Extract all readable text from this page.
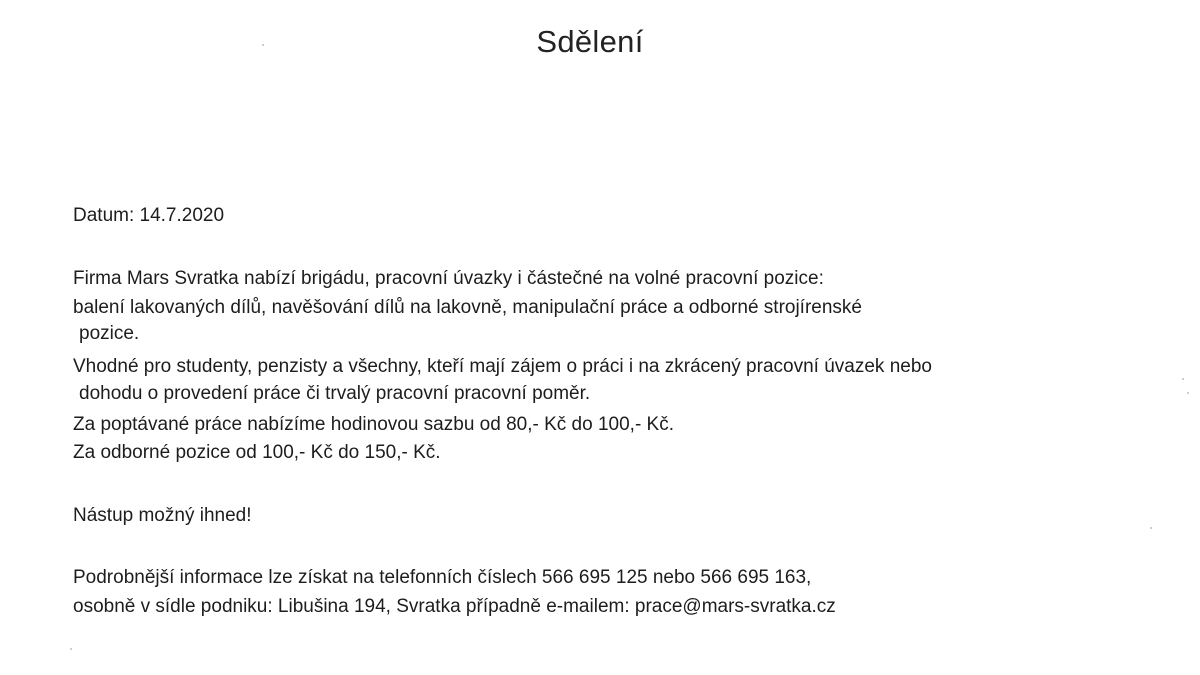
Sdělení
Datum: 14.7.2020
Firma Mars Svratka nabízí brigádu, pracovní úvazky i částečné na volné pracovní pozice:
balení lakovaných dílů, navěšování dílů na lakovně, manipulační práce a odborné strojírenské
pozice.
Vhodné pro studenty, penzisty a všechny, kteří mají zájem o práci i na zkrácený pracovní úvazek nebo
dohodu o provedení práce či trvalý pracovní pracovní poměr.
Za poptávané práce nabízíme hodinovou sazbu od 80,- Kč do 100,- Kč.
Za odborné pozice od 100,- Kč do 150,- Kč.
Nástup možný ihned!
Podrobnější informace lze získat na telefonních číslech 566 695 125 nebo 566 695 163,
osobně v sídle podniku: Libušina 194, Svratka případně e-mailem: prace@mars-svratka.cz
